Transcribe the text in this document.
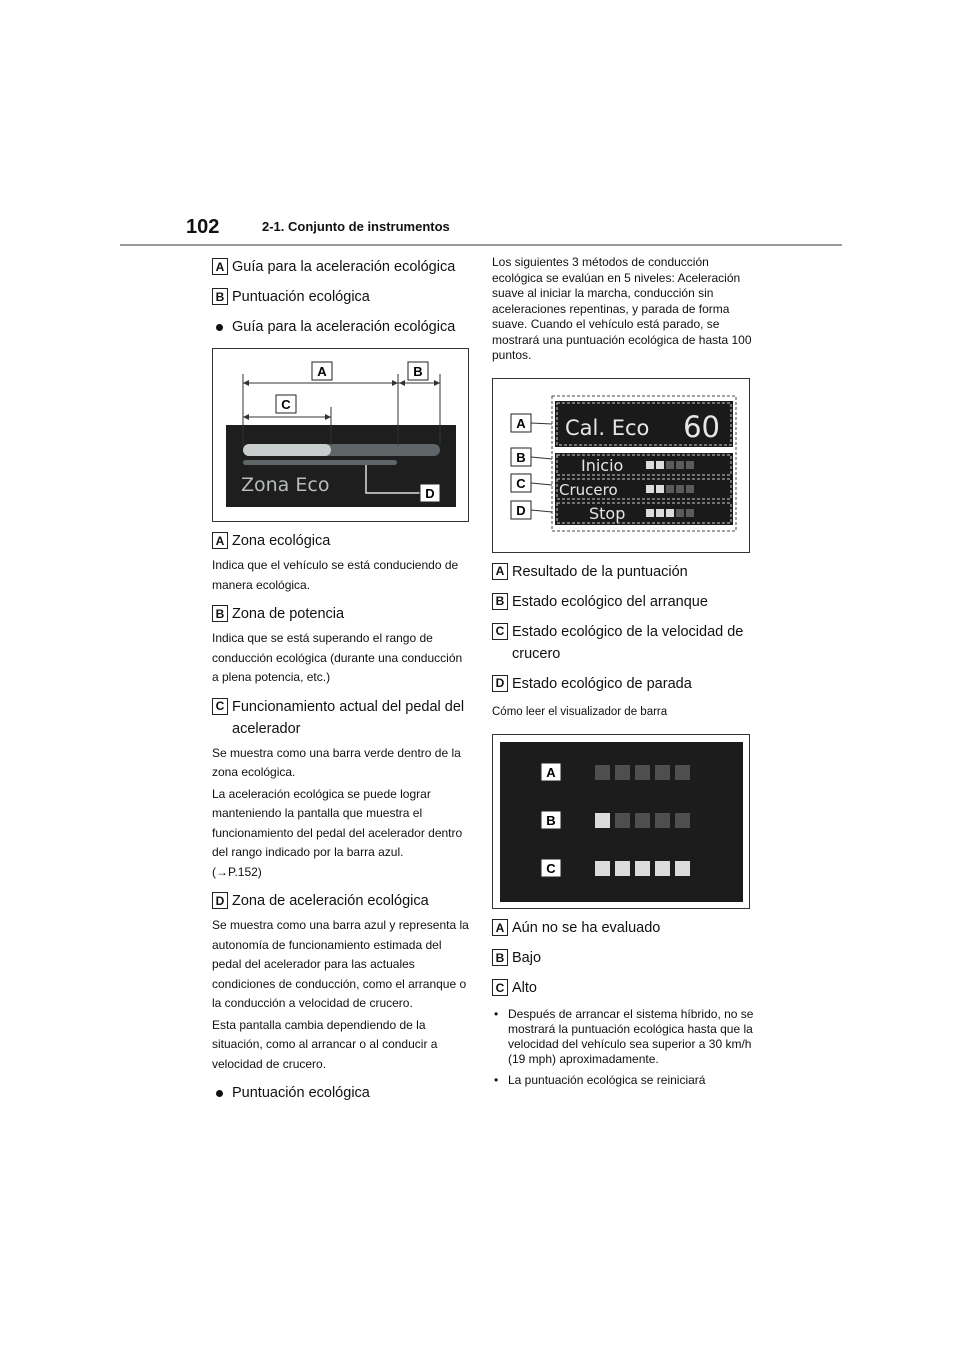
102	2-1. Conjunto de instrumentos
A Guía para la aceleración ecológica
B Puntuación ecológica
Guía para la aceleración ecológica
Zona Eco
A	B
C
D
A Zona ecológica

Indica que el vehículo se está conduciendo de manera ecológica.

B Zona de potencia

Indica que se está superando el rango de conducción ecológica (durante una conducción a plena potencia, etc.)

C Funcionamiento actual del pedal del acelerador

Se muestra como una barra verde dentro de la zona ecológica.

La aceleración ecológica se puede lograr manteniendo la pantalla que muestra el funcionamiento del pedal del acelerador dentro del rango indicado por la barra azul.

(→P.152)

D Zona de aceleración ecológica

Se muestra como una barra azul y representa la autonomía de funcionamiento estimada del pedal del acelerador para las actuales condiciones de conducción, como el arranque o la conducción a velocidad de crucero.

Esta pantalla cambia dependiendo de la situación, como al arrancar o al conducir a velocidad de crucero.

Puntuación ecológica

Los siguientes 3 métodos de conducción ecológica se evalúan en 5 niveles: Aceleración suave al iniciar la marcha, conducción sin aceleraciones repentinas, y parada de forma suave. Cuando el vehículo está parado, se mostrará una puntuación ecológica de hasta 100 puntos.

Cal. Eco 60
Inicio
Crucero
Stop
A
B
C
D
A Resultado de la puntuación
B Estado ecológico del arranque
C Estado ecológico de la velocidad de crucero
D Estado ecológico de parada

Cómo leer el visualizador de barra

A
B
C
A Aún no se ha evaluado
B Bajo
C Alto
• Después de arrancar el sistema híbrido, no se mostrará la puntuación ecológica hasta que la velocidad del vehículo sea superior a 30 km/h (19 mph) aproximadamente.
• La puntuación ecológica se reiniciará
